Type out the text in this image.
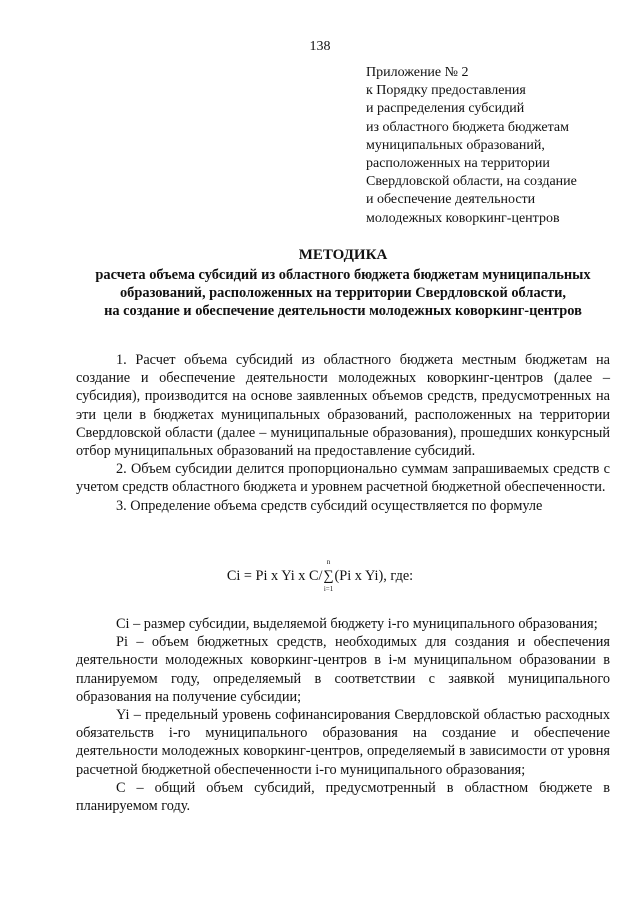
138
Приложение № 2
к Порядку предоставления
и распределения субсидий
из областного бюджета бюджетам
муниципальных образований,
расположенных на территории
Свердловской области, на создание
и обеспечение деятельности
молодежных коворкинг-центров
МЕТОДИКА
расчета объема субсидий из областного бюджета бюджетам муниципальных
образований, расположенных на территории Свердловской области,
на создание и обеспечение деятельности молодежных коворкинг-центров

1. Расчет объема субсидий из областного бюджета местным бюджетам на создание и обеспечение деятельности молодежных коворкинг-центров (далее – субсидия), производится на основе заявленных объемов средств, предусмотренных на эти цели в бюджетах муниципальных образований, расположенных на территории Свердловской области (далее – муниципальные образования), прошедших конкурсный отбор муниципальных образований на предоставление субсидий.

2. Объем субсидии делится пропорционально суммам запрашиваемых средств с учетом средств областного бюджета и уровнем расчетной бюджетной обеспеченности.

3. Определение объема средств субсидий осуществляется по формуле

Ci = Pi x Yi x C/
n
∑
i=1
(Pi x Yi), где:

Ci – размер субсидии, выделяемой бюджету i-го муниципального образования;

Pi – объем бюджетных средств, необходимых для создания и обеспечения деятельности молодежных коворкинг-центров в i-м муниципальном образовании в планируемом году, определяемый в соответствии с заявкой муниципального образования на получение субсидии;

Yi – предельный уровень софинансирования Свердловской областью расходных обязательств i-го муниципального образования на создание и обеспечение деятельности молодежных коворкинг-центров, определяемый в зависимости от уровня расчетной бюджетной обеспеченности i-го муниципального образования;

C – общий объем субсидий, предусмотренный в областном бюджете в планируемом году.
